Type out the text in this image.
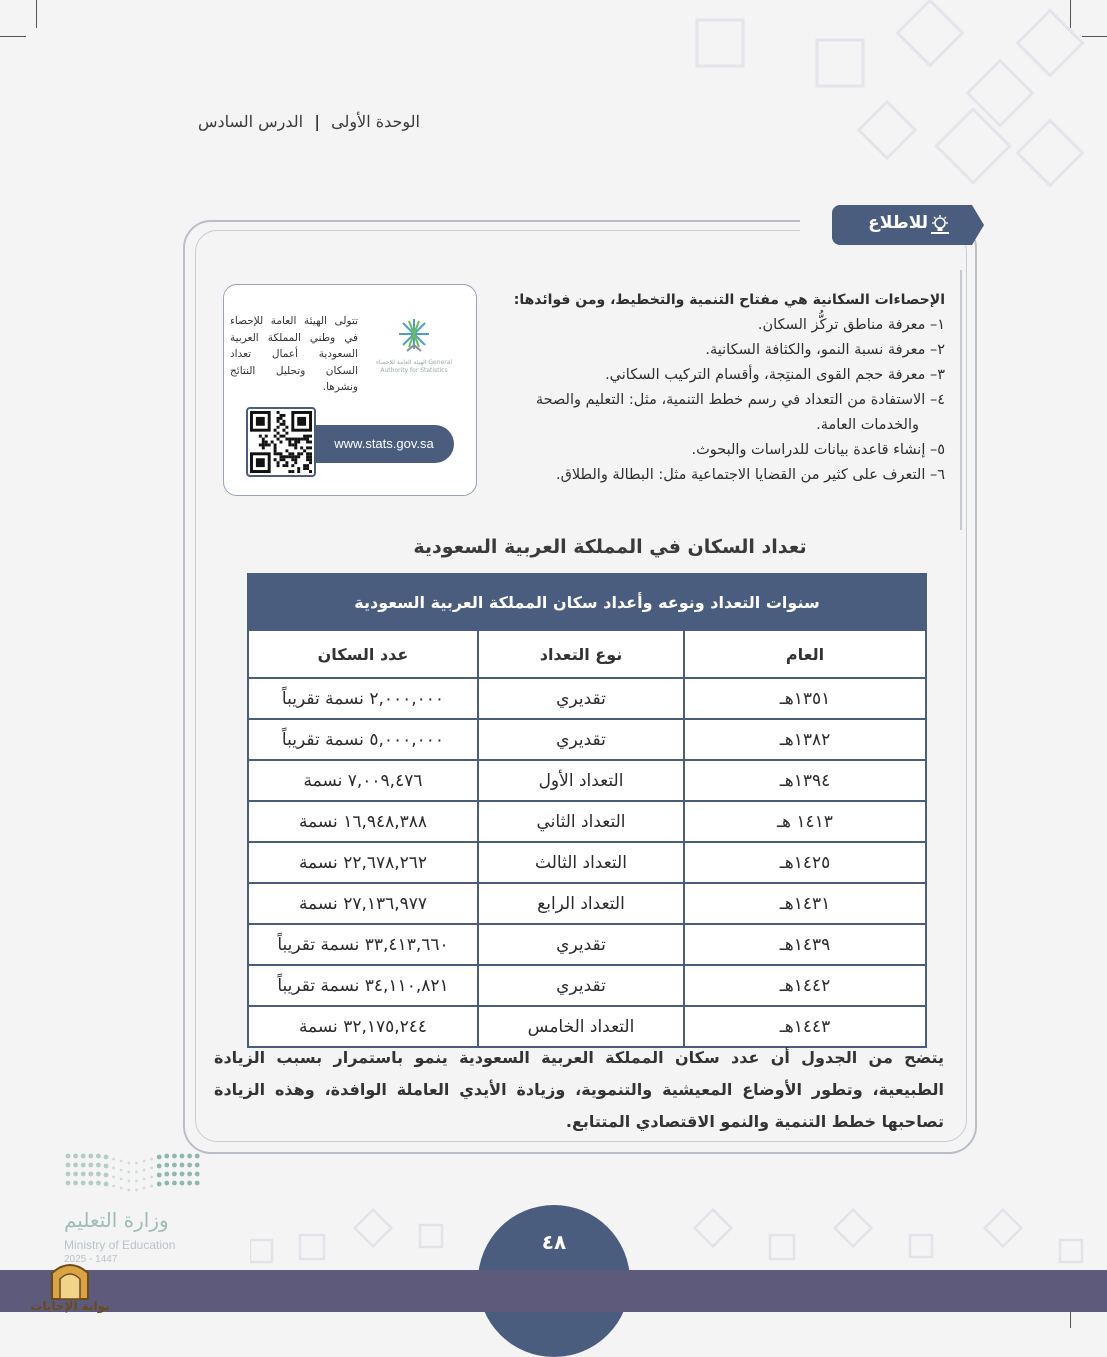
الوحدة الأولى | الدرس السادس
للاطلاع
الإحصاءات السكانية هي مفتاح التنمية والتخطيط، ومن فوائدها:
١– معرفة مناطق تركُّز السكان.
٢– معرفة نسبة النمو، والكثافة السكانية.
٣– معرفة حجم القوى المنتِجة، وأقسام التركيب السكاني.
٤– الاستفادة من التعداد في رسم خطط التنمية، مثل: التعليم والصحة
والخدمات العامة.
٥– إنشاء قاعدة بيانات للدراسات والبحوث.
٦– التعرف على كثير من القضايا الاجتماعية مثل: البطالة والطلاق.
تتولى الهيئة العامة للإحصاء في وطني المملكة العربية السعودية أعمال تعداد السكان وتحليل النتائج ونشرها.
الهيئة العامة للإحصاء General Authority for Statistics
www.stats.gov.sa
تعداد السكان في المملكة العربية السعودية
سنوات التعداد ونوعه وأعداد سكان المملكة العربية السعودية		
العام	نوع التعداد	عدد السكان
١٣٥١هـ	تقديري	٢,٠٠٠,٠٠٠ نسمة تقريباً
١٣٨٢هـ	تقديري	٥,٠٠٠,٠٠٠ نسمة تقريباً
١٣٩٤هـ	التعداد الأول	٧,٠٠٩,٤٧٦ نسمة
١٤١٣ هـ	التعداد الثاني	١٦,٩٤٨,٣٨٨ نسمة
١٤٢٥هـ	التعداد الثالث	٢٢,٦٧٨,٢٦٢ نسمة
١٤٣١هـ	التعداد الرابع	٢٧,١٣٦,٩٧٧ نسمة
١٤٣٩هـ	تقديري	٣٣,٤١٣,٦٦٠ نسمة تقريباً
١٤٤٢هـ	تقديري	٣٤,١١٠,٨٢١ نسمة تقريباً
١٤٤٣هـ	التعداد الخامس	٣٢,١٧٥,٢٤٤ نسمة
يتضح من الجدول أن عدد سكان المملكة العربية السعودية ينمو باستمرار بسبب الزيادة الطبيعية، وتطور الأوضاع المعيشية والتنموية، وزيادة الأيدي العاملة الوافدة، وهذه الزيادة تصاحبها خطط التنمية والنمو الاقتصادي المتتابع.
وزارة التعليم
Ministry of Education
2025 - 1447
٤٨
بوابة الإجابات
